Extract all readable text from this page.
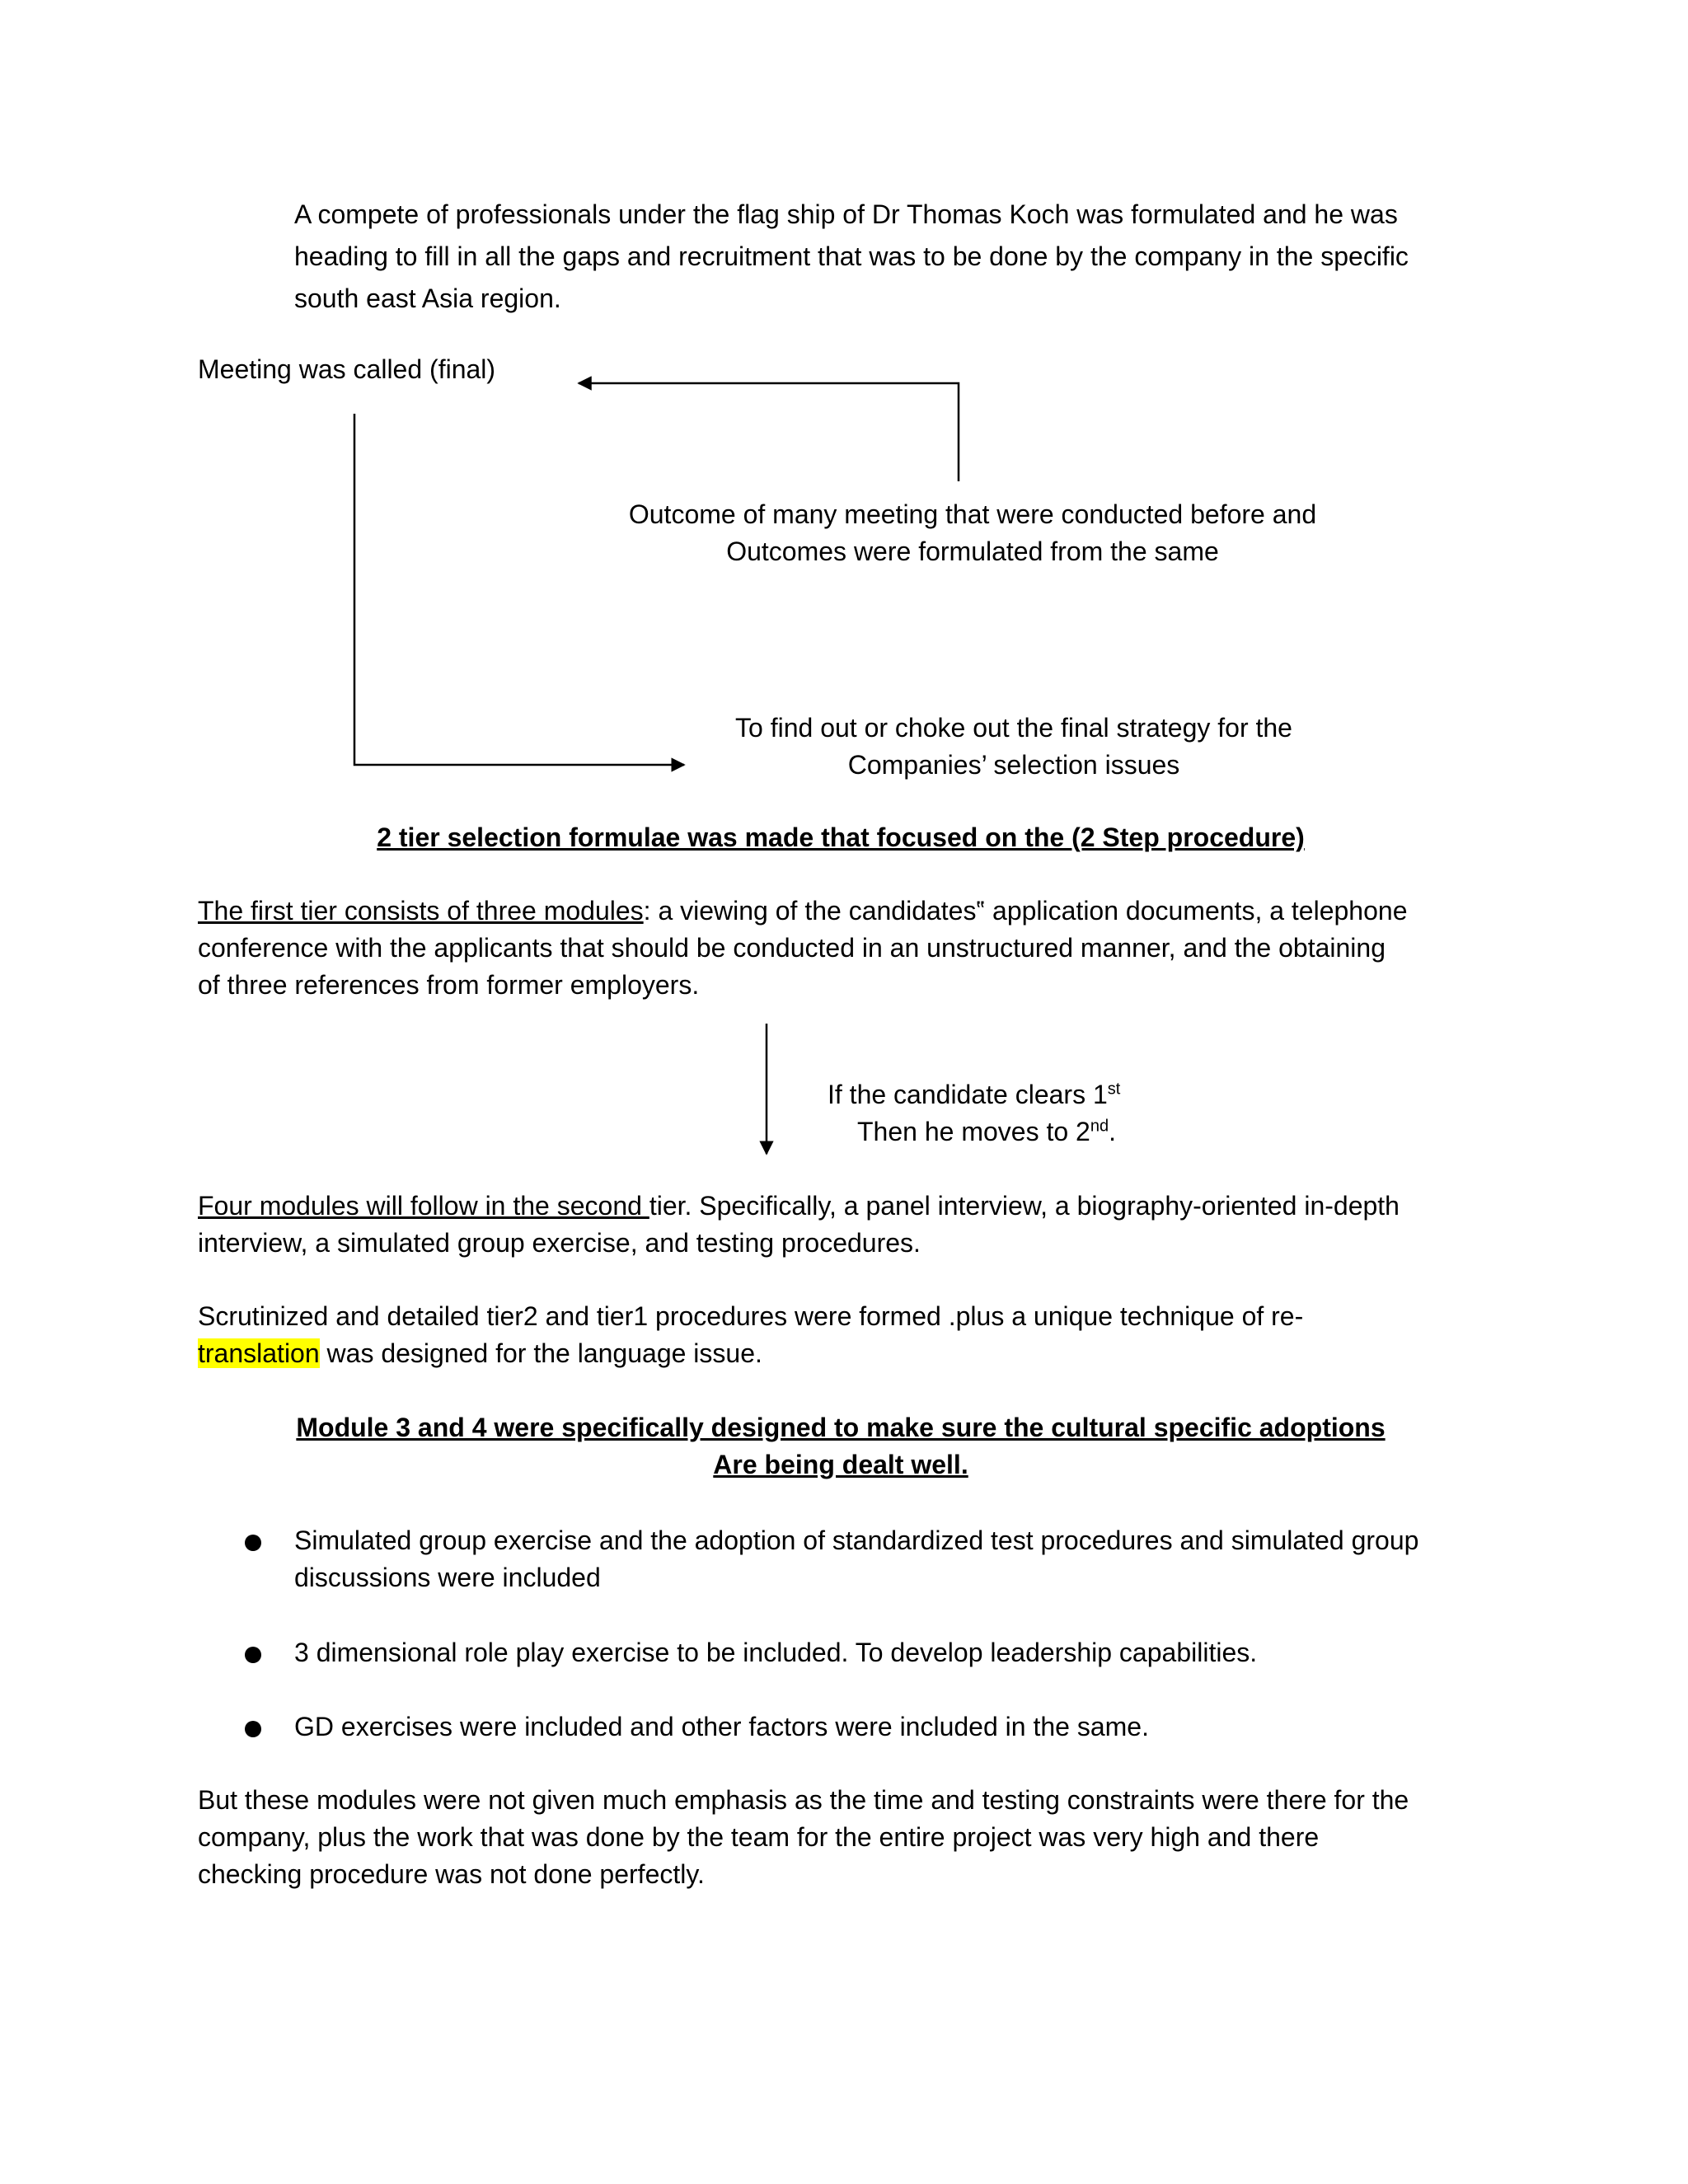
A compete of professionals under the flag ship of Dr Thomas Koch was formulated and he was

heading to fill in all the gaps and recruitment that was to be done by the company in the specific

south east Asia region.

Meeting was called (final)

Outcome of many meeting that were conducted before and

Outcomes were formulated from the same

To find out or choke out the final strategy for the

Companies’ selection issues

2 tier selection formulae was made that focused on the (2 Step procedure)

The first tier consists of three modules: a viewing of the candidates‟ application documents, a telephone

conference with the applicants that should be conducted in an unstructured manner, and the obtaining

of three references from former employers.

If the candidate clears 1st

Then he moves to 2nd.

Four modules will follow in the second tier. Specifically, a panel interview, a biography-oriented in-depth

interview, a simulated group exercise, and testing procedures.

Scrutinized and detailed tier2 and tier1 procedures were formed .plus a unique technique of re-

translation was designed for the language issue.

Module 3 and 4 were specifically designed to make sure the cultural specific adoptions

Are being dealt well.

Simulated group exercise and the adoption of standardized test procedures and simulated group

discussions were included

3 dimensional role play exercise to be included. To develop leadership capabilities.

GD exercises were included and other factors were included in the same.

But these modules were not given much emphasis as the time and testing constraints were there for the

company, plus the work that was done by the team for the entire project was very high and there

checking procedure was not done perfectly.
